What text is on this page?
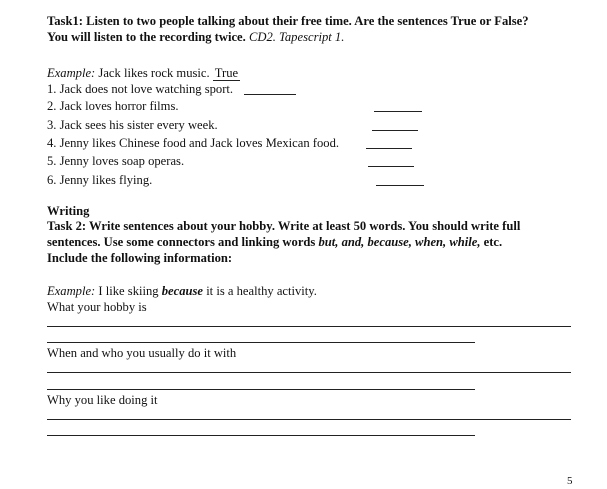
Task1: Listen to two people talking about their free time. Are the sentences True or False?
You will listen to the recording twice. CD2. Tapescript 1.
Example: Jack likes rock music. True
1. Jack does not love watching sport.
2. Jack loves horror films.
3. Jack sees his sister every week.
4. Jenny likes Chinese food and Jack loves Mexican food.
5. Jenny loves soap operas.
6. Jenny likes flying.
Writing
Task 2: Write sentences about your hobby. Write at least 50 words. You should write full
sentences. Use some connectors and linking words but, and, because, when, while, etc.
Include the following information:
Example: I like skiing because it is a healthy activity.
What your hobby is
When and who you usually do it with
Why you like doing it
5
